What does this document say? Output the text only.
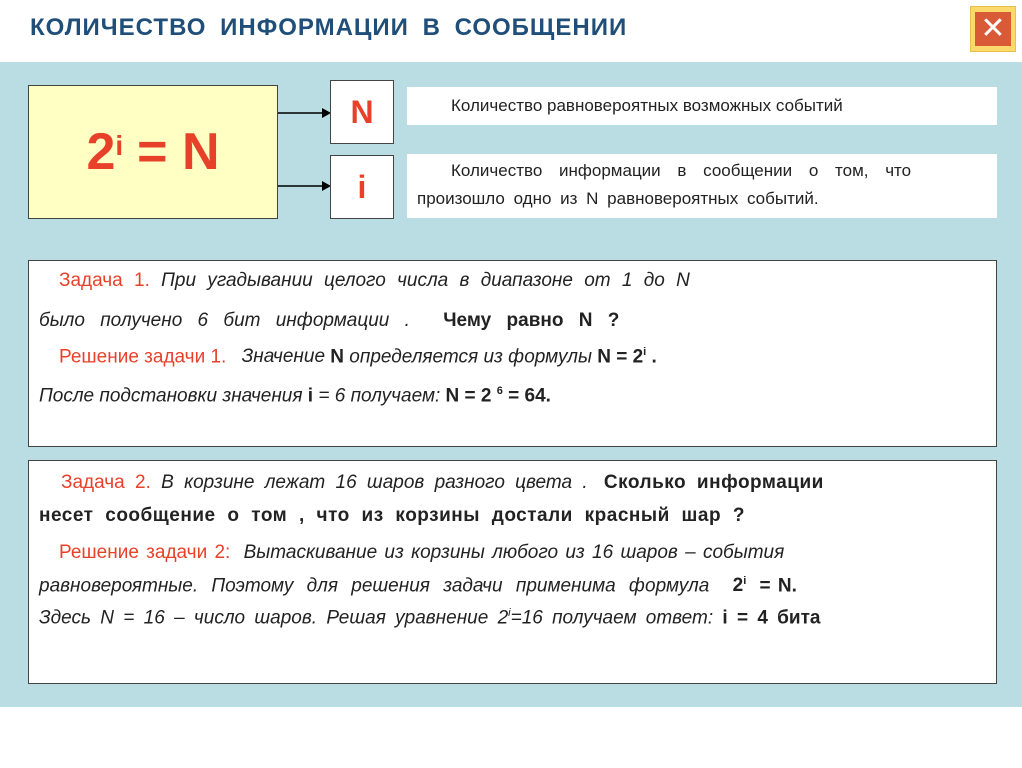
КОЛИЧЕСТВО ИНФОРМАЦИИ В СООБЩЕНИИ	✕
$2^i = N$
N
i
Количество равновероятных возможных событий
Количество информации в сообщении о том, что
произошло одно из N равновероятных событий.
Задача 1. При угадывании целого числа в диапазоне от 1 до N
было получено 6 бит информации . Чему равно N ?
Решение задачи 1. Значение N определяется из формулы $N = 2^i$ .
После подстановки значения i = 6 получаем: N = 2 $^6$ = 64.
Задача 2. В корзине лежат 16 шаров разного цвета . Сколько информации
несет сообщение о том , что из корзины достали красный шар ?
Решение задачи 2: Вытаскивание из корзины любого из 16 шаров – события
равновероятные. Поэтому для решения задачи применима формула $2^i = N$.
Здесь N = 16 – число шаров. Решая уравнение $2^i=16$ получаем ответ: i = 4 бита
